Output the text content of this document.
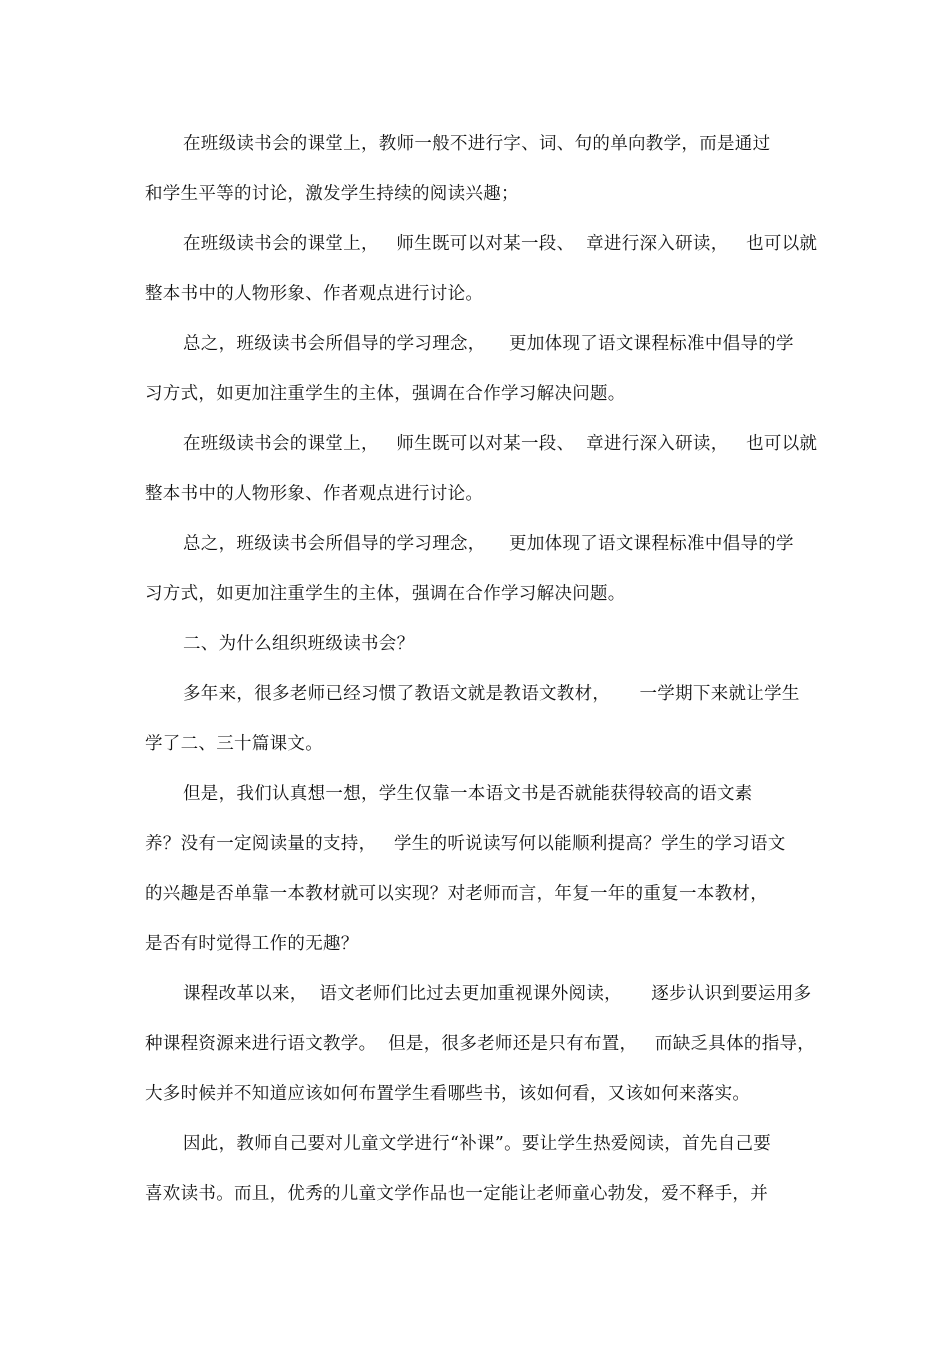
在班级读书会的课堂上，教师一般不进行字、词、句的单向教学，而是通过
和学生平等的讨论，激发学生持续的阅读兴趣；
在班级读书会的课堂上，   师生既可以对某一段、  章进行深入研读，   也可以就
整本书中的人物形象、作者观点进行讨论。
总之，班级读书会所倡导的学习理念，    更加体现了语文课程标准中倡导的学
习方式，如更加注重学生的主体，强调在合作学习解决问题。
在班级读书会的课堂上，   师生既可以对某一段、  章进行深入研读，   也可以就
整本书中的人物形象、作者观点进行讨论。
总之，班级读书会所倡导的学习理念，    更加体现了语文课程标准中倡导的学
习方式，如更加注重学生的主体，强调在合作学习解决问题。
二、为什么组织班级读书会？
多年来，很多老师已经习惯了教语文就是教语文教材，     一学期下来就让学生
学了二、三十篇课文。
但是，我们认真想一想，学生仅靠一本语文书是否就能获得较高的语文素
养？没有一定阅读量的支持，   学生的听说读写何以能顺利提高？学生的学习语文
的兴趣是否单靠一本教材就可以实现？对老师而言，年复一年的重复一本教材，
是否有时觉得工作的无趣？
课程改革以来，  语文老师们比过去更加重视课外阅读，     逐步认识到要运用多
种课程资源来进行语文教学。  但是，很多老师还是只有布置，   而缺乏具体的指导，
大多时候并不知道应该如何布置学生看哪些书，该如何看，又该如何来落实。
因此，教师自己要对儿童文学进行“补课”。要让学生热爱阅读，首先自己要
喜欢读书。而且，优秀的儿童文学作品也一定能让老师童心勃发，爱不释手，并
